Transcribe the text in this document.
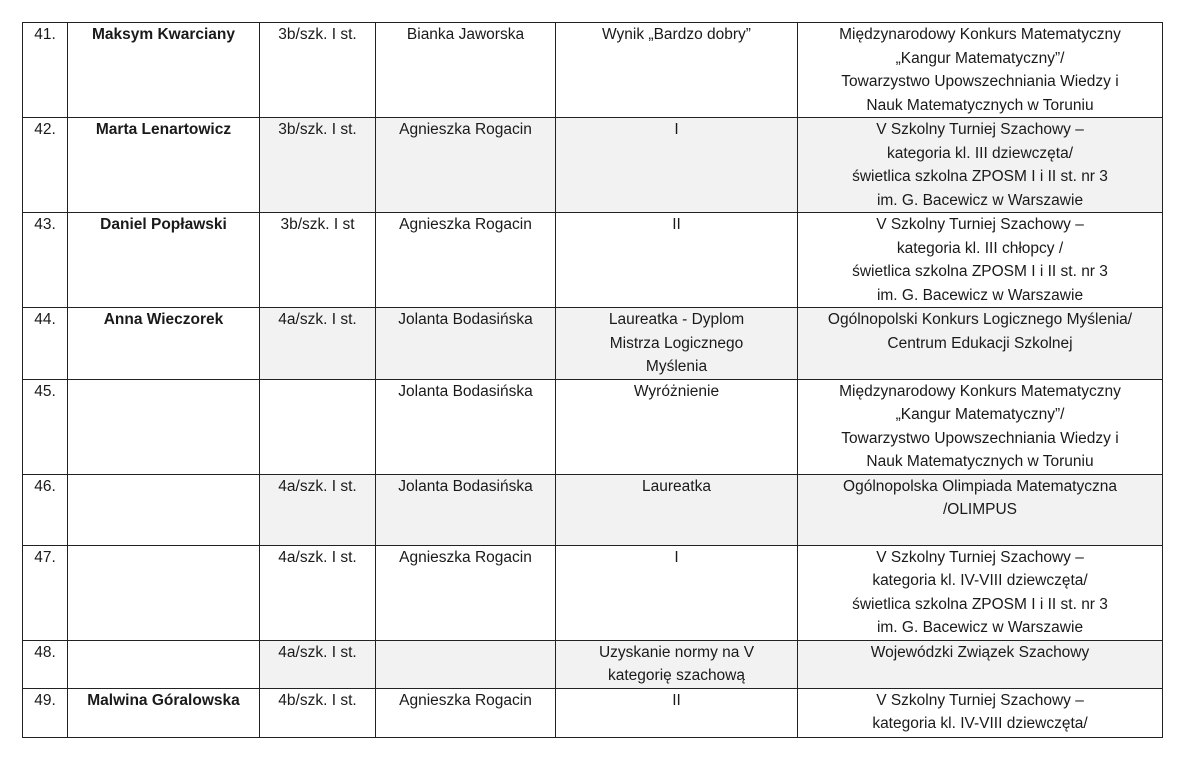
41.	Maksym Kwarciany	3b/szk. I st.	Bianka Jaworska	Wynik „Bardzo dobry”	Międzynarodowy Konkurs Matematyczny
„Kangur Matematyczny”/
Towarzystwo Upowszechniania Wiedzy i
Nauk Matematycznych w Toruniu

42.	Marta Lenartowicz	3b/szk. I st.	Agnieszka Rogacin	I	V Szkolny Turniej Szachowy –
kategoria kl. III dziewczęta/
świetlica szkolna ZPOSM I i II st. nr 3
im. G. Bacewicz w Warszawie

43.	Daniel Popławski	3b/szk. I st	Agnieszka Rogacin	II	V Szkolny Turniej Szachowy –
kategoria kl. III chłopcy /
świetlica szkolna ZPOSM I i II st. nr 3
im. G. Bacewicz w Warszawie

44.	Anna Wieczorek	4a/szk. I st.	Jolanta Bodasińska	Laureatka - Dyplom
Mistrza Logicznego
Myślenia	Ogólnopolski Konkurs Logicznego Myślenia/
Centrum Edukacji Szkolnej

45.			Jolanta Bodasińska	Wyróżnienie	Międzynarodowy Konkurs Matematyczny
„Kangur Matematyczny”/
Towarzystwo Upowszechniania Wiedzy i
Nauk Matematycznych w Toruniu

46.		4a/szk. I st.	Jolanta Bodasińska	Laureatka	Ogólnopolska Olimpiada Matematyczna
/OLIMPUS

47.		4a/szk. I st.	Agnieszka Rogacin	I	V Szkolny Turniej Szachowy –
kategoria kl. IV-VIII dziewczęta/
świetlica szkolna ZPOSM I i II st. nr 3
im. G. Bacewicz w Warszawie

48.		4a/szk. I st.		Uzyskanie normy na V
kategorię szachową	Wojewódzki Związek Szachowy

49.	Malwina Góralowska	4b/szk. I st.	Agnieszka Rogacin	II	V Szkolny Turniej Szachowy –
kategoria kl. IV-VIII dziewczęta/
